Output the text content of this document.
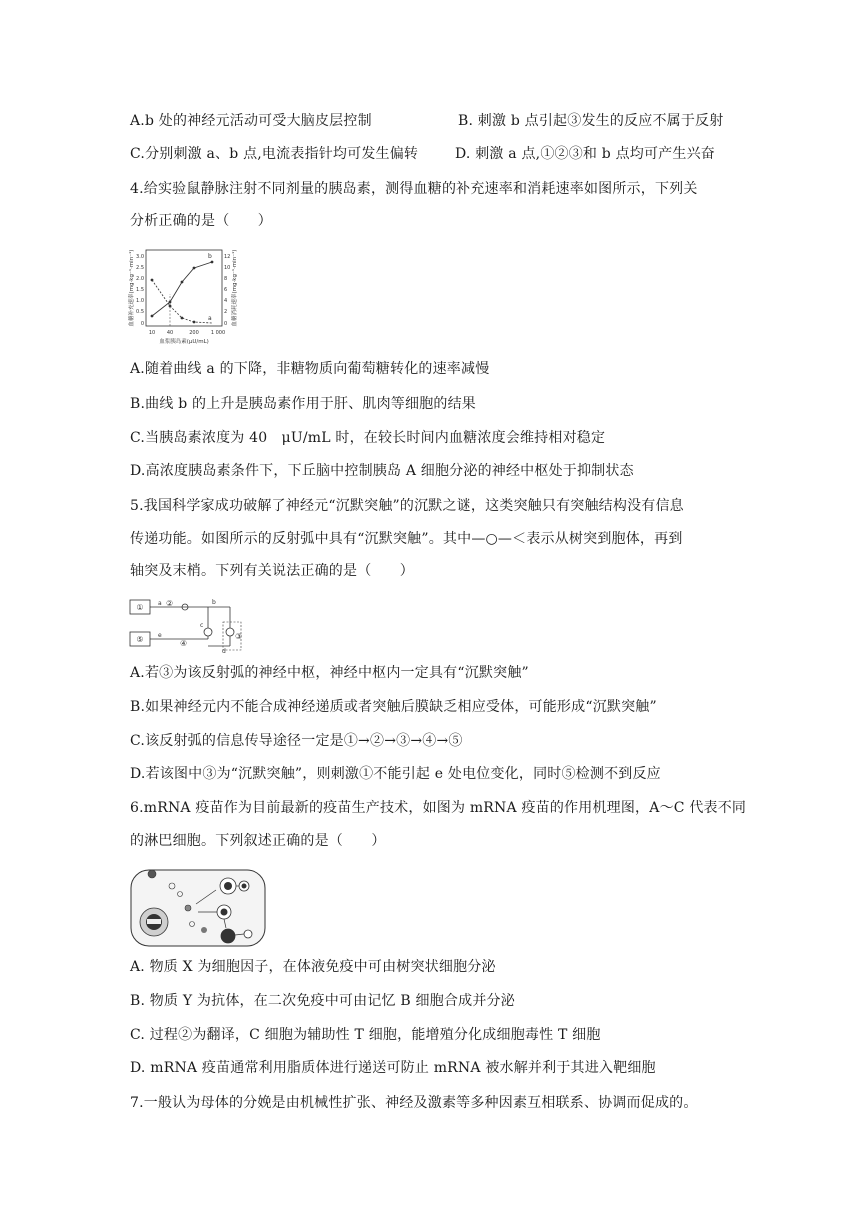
A.b 处的神经元活动可受大脑皮层控制	B. 刺激 b 点引起③发生的反应不属于反射
C.分别刺激 a、b 点,电流表指针均可发生偏转	D. 刺激 a 点,①②③和 b 点均可产生兴奋
4.给实验鼠静脉注射不同剂量的胰岛素，测得血糖的补充速率和消耗速率如图所示，下列关
分析正确的是（　　）
血糖补充速率(mg·kg⁻¹·min⁻¹)	血糖消耗速率(mg·kg⁻¹·min⁻¹)
3.0
2.5
2.0
1.5
1.0
0.5
0
12
10
8
6
4
2
0
10 40	200 1 000
血浆胰岛素(μU/mL)
b
a
A.随着曲线 a 的下降，非糖物质向葡萄糖转化的速率减慢
B.曲线 b 的上升是胰岛素作用于肝、肌肉等细胞的结果
C.当胰岛素浓度为 40　μU/mL 时，在较长时间内血糖浓度会维持相对稳定
D.高浓度胰岛素条件下，下丘脑中控制胰岛 A 细胞分泌的神经中枢处于抑制状态
5.我国科学家成功破解了神经元“沉默突触”的沉默之谜，这类突触只有突触结构没有信息
传递功能。如图所示的反射弧中具有“沉默突触”。其中—○—＜表示从树突到胞体，再到
轴突及末梢。下列有关说法正确的是（　　）
① a ②	b
c
③
d
⑤ e
④
A.若③为该反射弧的神经中枢，神经中枢内一定具有“沉默突触”
B.如果神经元内不能合成神经递质或者突触后膜缺乏相应受体，可能形成“沉默突触”
C.该反射弧的信息传导途径一定是①→②→③→④→⑤
D.若该图中③为“沉默突触”，则刺激①不能引起 e 处电位变化，同时⑤检测不到反应
6.mRNA 疫苗作为目前最新的疫苗生产技术，如图为 mRNA 疫苗的作用机理图，A～C 代表不同
的淋巴细胞。下列叙述正确的是（　　）
A. 物质 X 为细胞因子，在体液免疫中可由树突状细胞分泌
B. 物质 Y 为抗体，在二次免疫中可由记忆 B 细胞合成并分泌
C. 过程②为翻译，C 细胞为辅助性 T 细胞，能增殖分化成细胞毒性 T 细胞
D. mRNA 疫苗通常利用脂质体进行递送可防止 mRNA 被水解并利于其进入靶细胞
7.一般认为母体的分娩是由机械性扩张、神经及激素等多种因素互相联系、协调而促成的。
